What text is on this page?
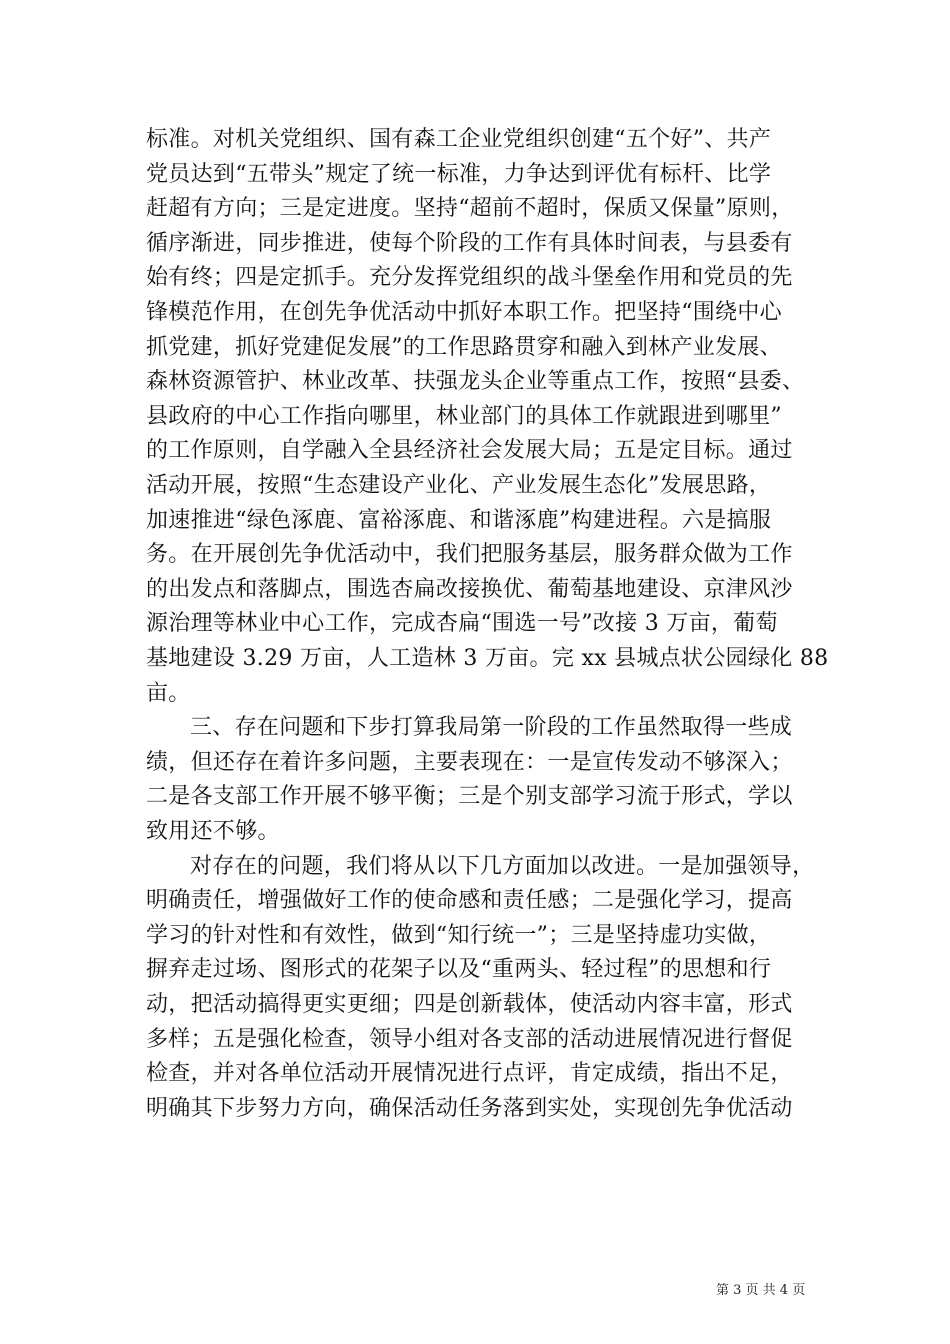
标准。对机关党组织、国有森工企业党组织创建“五个好”、共产
党员达到“五带头”规定了统一标准，力争达到评优有标杆、比学
赶超有方向；三是定进度。坚持“超前不超时，保质又保量”原则，
循序渐进，同步推进，使每个阶段的工作有具体时间表，与县委有
始有终；四是定抓手。充分发挥党组织的战斗堡垒作用和党员的先
锋模范作用，在创先争优活动中抓好本职工作。把坚持“围绕中心
抓党建，抓好党建促发展”的工作思路贯穿和融入到林产业发展、
森林资源管护、林业改革、扶强龙头企业等重点工作，按照“县委、
县政府的中心工作指向哪里，林业部门的具体工作就跟进到哪里”
的工作原则，自学融入全县经济社会发展大局；五是定目标。通过
活动开展，按照“生态建设产业化、产业发展生态化”发展思路，
加速推进“绿色涿鹿、富裕涿鹿、和谐涿鹿”构建进程。六是搞服
务。在开展创先争优活动中，我们把服务基层，服务群众做为工作
的出发点和落脚点，围选杏扁改接换优、葡萄基地建设、京津风沙
源治理等林业中心工作，完成杏扁“围选一号”改接 3 万亩，葡萄
基地建设 3.29 万亩，人工造林 3 万亩。完 xx 县城点状公园绿化 88
亩。
三、存在问题和下步打算我局第一阶段的工作虽然取得一些成
绩，但还存在着许多问题，主要表现在：一是宣传发动不够深入；
二是各支部工作开展不够平衡；三是个别支部学习流于形式，学以
致用还不够。
对存在的问题，我们将从以下几方面加以改进。一是加强领导，
明确责任，增强做好工作的使命感和责任感；二是强化学习，提高
学习的针对性和有效性，做到“知行统一”；三是坚持虚功实做，
摒弃走过场、图形式的花架子以及“重两头、轻过程”的思想和行
动，把活动搞得更实更细；四是创新载体，使活动内容丰富，形式
多样；五是强化检查，领导小组对各支部的活动进展情况进行督促
检查，并对各单位活动开展情况进行点评，肯定成绩，指出不足，
明确其下步努力方向，确保活动任务落到实处，实现创先争优活动
第 3 页 共 4 页
